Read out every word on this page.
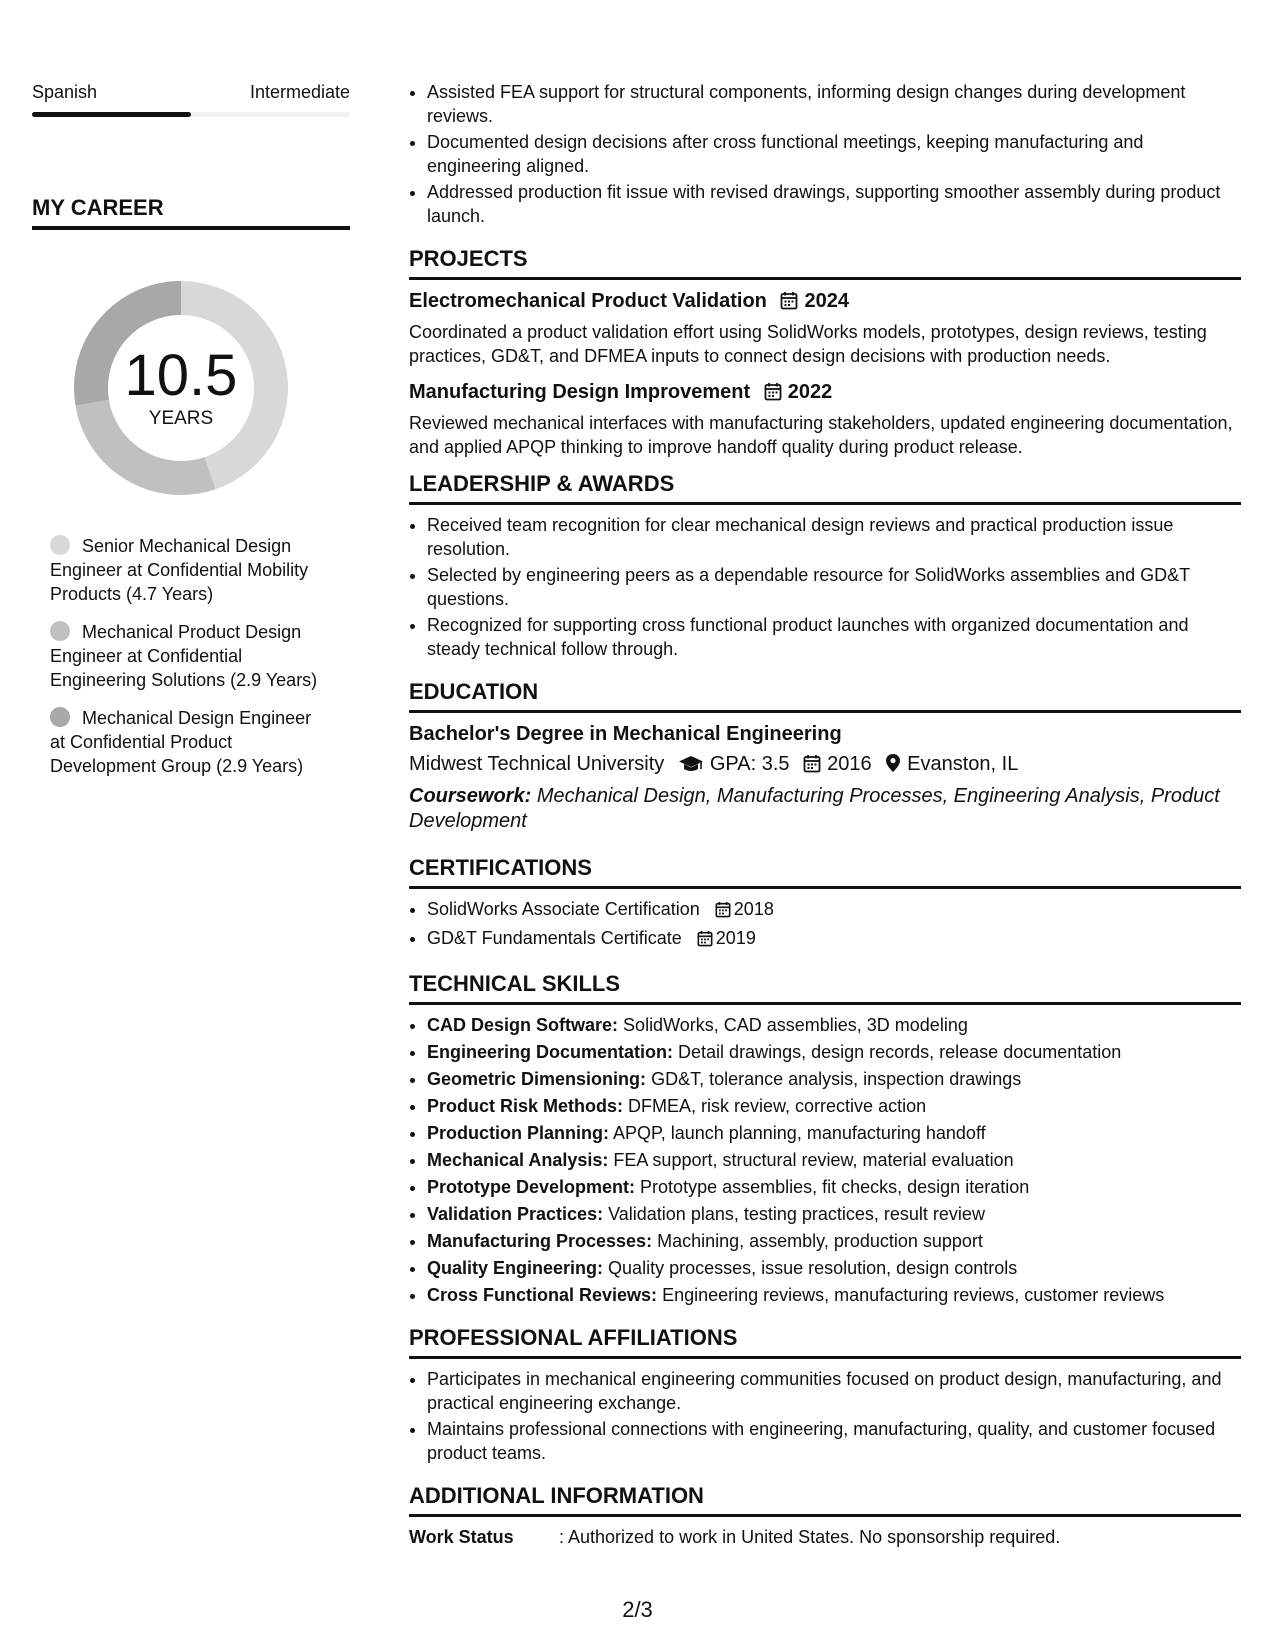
Spanish	Intermediate
MY CAREER
10.5
YEARS
Senior Mechanical Design Engineer at Confidential Mobility Products (4.7 Years)
Mechanical Product Design Engineer at Confidential Engineering Solutions (2.9 Years)
Mechanical Design Engineer at Confidential Product Development Group (2.9 Years)
• Assisted FEA support for structural components, informing design changes during development reviews.
• Documented design decisions after cross functional meetings, keeping manufacturing and engineering aligned.
• Addressed production fit issue with revised drawings, supporting smoother assembly during product launch.
PROJECTS
Electromechanical Product Validation 2024
Coordinated a product validation effort using SolidWorks models, prototypes, design reviews, testing practices, GD&T, and DFMEA inputs to connect design decisions with production needs.
Manufacturing Design Improvement 2022
Reviewed mechanical interfaces with manufacturing stakeholders, updated engineering documentation, and applied APQP thinking to improve handoff quality during product release.
LEADERSHIP & AWARDS
• Received team recognition for clear mechanical design reviews and practical production issue resolution.
• Selected by engineering peers as a dependable resource for SolidWorks assemblies and GD&T questions.
• Recognized for supporting cross functional product launches with organized documentation and steady technical follow through.
EDUCATION
Bachelor's Degree in Mechanical Engineering
Midwest Technical University GPA: 3.5 2016 Evanston, IL
Coursework: Mechanical Design, Manufacturing Processes, Engineering Analysis, Product Development
CERTIFICATIONS
• SolidWorks Associate Certification 2018
• GD&T Fundamentals Certificate 2019
TECHNICAL SKILLS
• CAD Design Software: SolidWorks, CAD assemblies, 3D modeling
• Engineering Documentation: Detail drawings, design records, release documentation
• Geometric Dimensioning: GD&T, tolerance analysis, inspection drawings
• Product Risk Methods: DFMEA, risk review, corrective action
• Production Planning: APQP, launch planning, manufacturing handoff
• Mechanical Analysis: FEA support, structural review, material evaluation
• Prototype Development: Prototype assemblies, fit checks, design iteration
• Validation Practices: Validation plans, testing practices, result review
• Manufacturing Processes: Machining, assembly, production support
• Quality Engineering: Quality processes, issue resolution, design controls
• Cross Functional Reviews: Engineering reviews, manufacturing reviews, customer reviews
PROFESSIONAL AFFILIATIONS
• Participates in mechanical engineering communities focused on product design, manufacturing, and practical engineering exchange.
• Maintains professional connections with engineering, manufacturing, quality, and customer focused product teams.
ADDITIONAL INFORMATION
Work Status	: Authorized to work in United States. No sponsorship required.
2/3
